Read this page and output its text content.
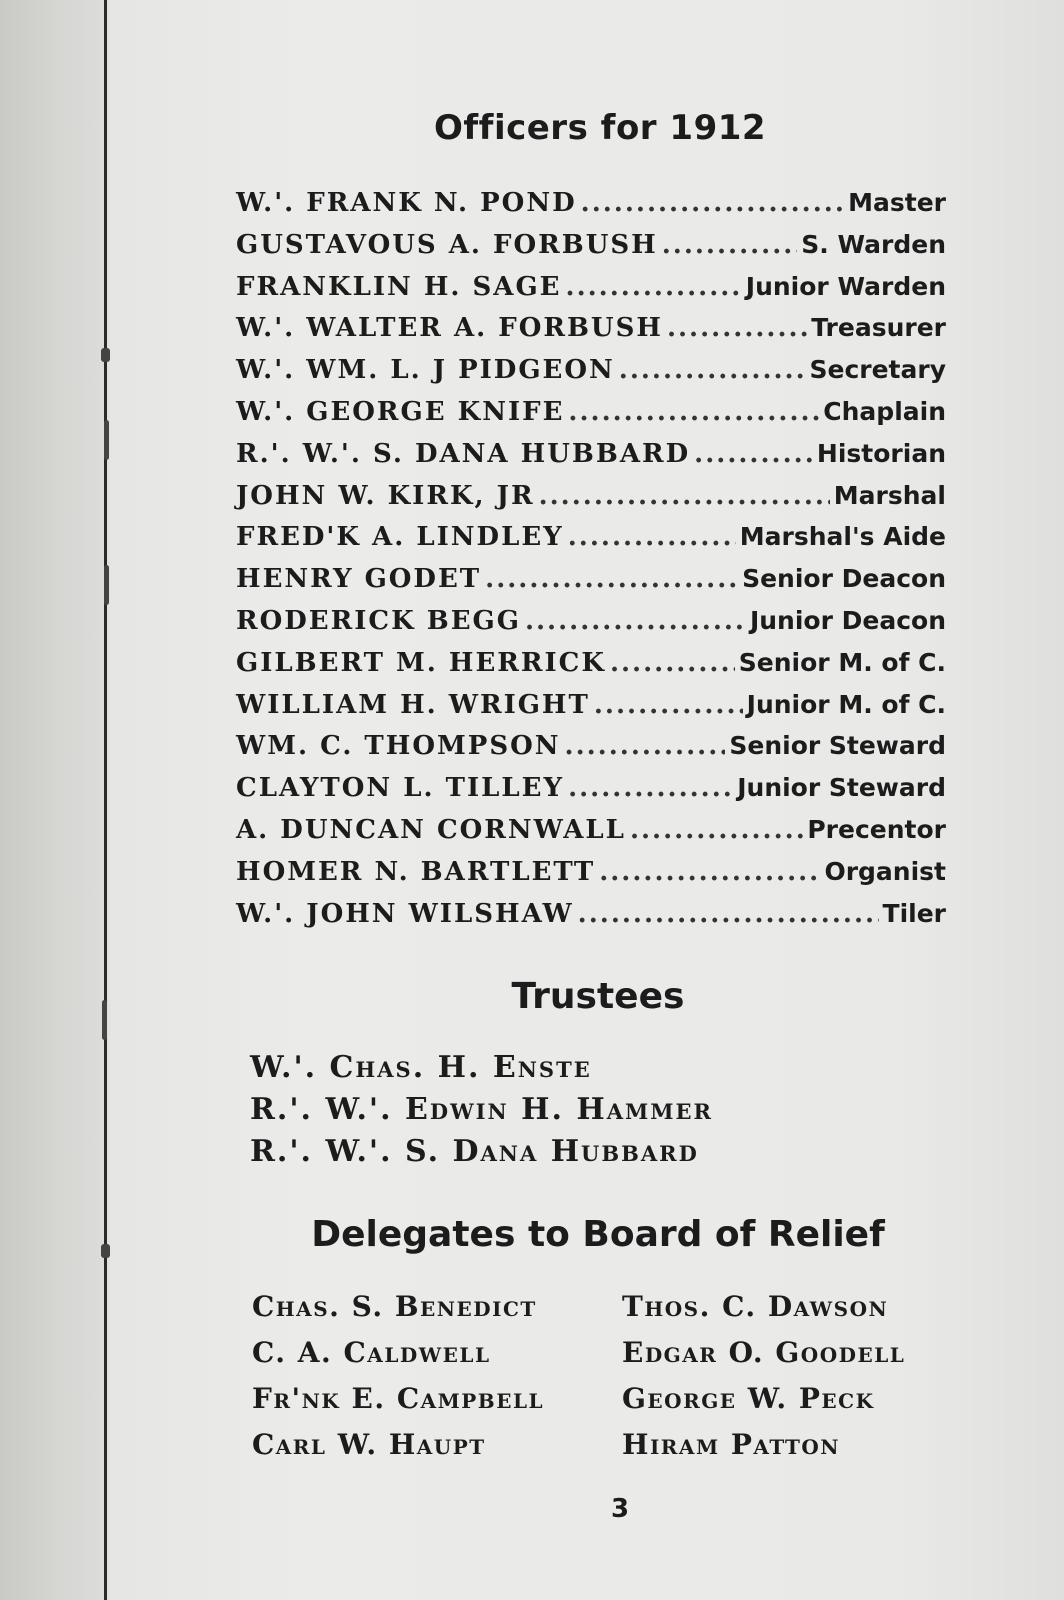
Officers for 1912
W.'. FRANK N. POND .....	Master
GUSTAVOUS A. FORBUSH .....	S. Warden
FRANKLIN H. SAGE .....	Junior Warden
W.'. WALTER A. FORBUSH .....	Treasurer
W.'. WM. L. J PIDGEON .....	Secretary
W.'. GEORGE KNIFE .....	Chaplain
R.'. W.'. S. DANA HUBBARD .....	Historian
JOHN W. KIRK, JR .....	Marshal
FRED'K A. LINDLEY .....	Marshal's Aide
HENRY GODET .....	Senior Deacon
RODERICK BEGG .....	Junior Deacon
GILBERT M. HERRICK .....	Senior M. of C.
WILLIAM H. WRIGHT .....	Junior M. of C.
WM. C. THOMPSON .....	Senior Steward
CLAYTON L. TILLEY .....	Junior Steward
A. DUNCAN CORNWALL .....	Precentor
HOMER N. BARTLETT .....	Organist
W.'. JOHN WILSHAW .....	Tiler
Trustees
W.'. Chas. H. Enste
R.'. W.'. Edwin H. Hammer
R.'. W.'. S. Dana Hubbard
Delegates to Board of Relief
Chas. S. Benedict	Thos. C. Dawson
C. A. Caldwell	Edgar O. Goodell
Fr'nk E. Campbell	George W. Peck
Carl W. Haupt	Hiram Patton
3
